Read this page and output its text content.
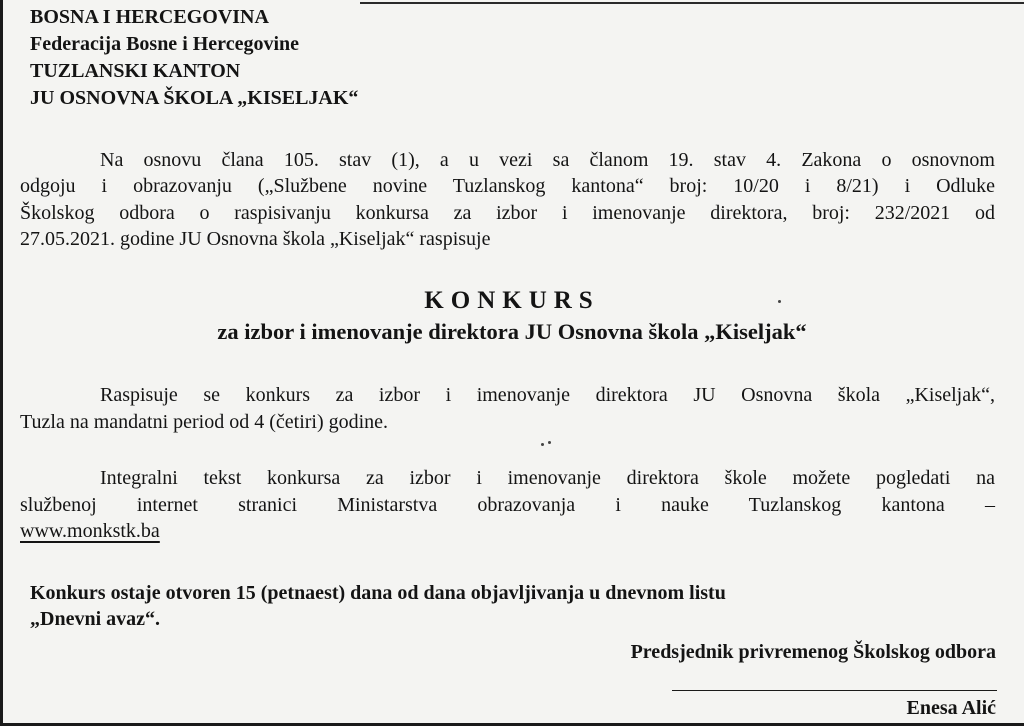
BOSNA I HERCEGOVINA
Federacija Bosne i Hercegovine
TUZLANSKI KANTON
JU OSNOVNA ŠKOLA „KISELJAK“
Na osnovu člana 105. stav (1), a u vezi sa članom 19. stav 4. Zakona o osnovnom
odgoju i obrazovanju („Službene novine Tuzlanskog kantona“ broj: 10/20 i 8/21) i Odluke
Školskog odbora o raspisivanju konkursa za izbor i imenovanje direktora, broj: 232/2021 od
27.05.2021. godine JU Osnovna škola „Kiseljak“ raspisuje
KONKURS
za izbor i imenovanje direktora JU Osnovna škola „Kiseljak“
Raspisuje se konkurs za izbor i imenovanje direktora JU Osnovna škola „Kiseljak“,
Tuzla na mandatni period od 4 (četiri) godine.
Integralni tekst konkursa za izbor i imenovanje direktora škole možete pogledati na
službenoj internet stranici Ministarstva obrazovanja i nauke Tuzlanskog kantona –
www.monkstk.ba
Konkurs ostaje otvoren 15 (petnaest) dana od dana objavljivanja u dnevnom listu
„Dnevni avaz“.
Predsjednik privremenog Školskog odbora
Enesa Alić
